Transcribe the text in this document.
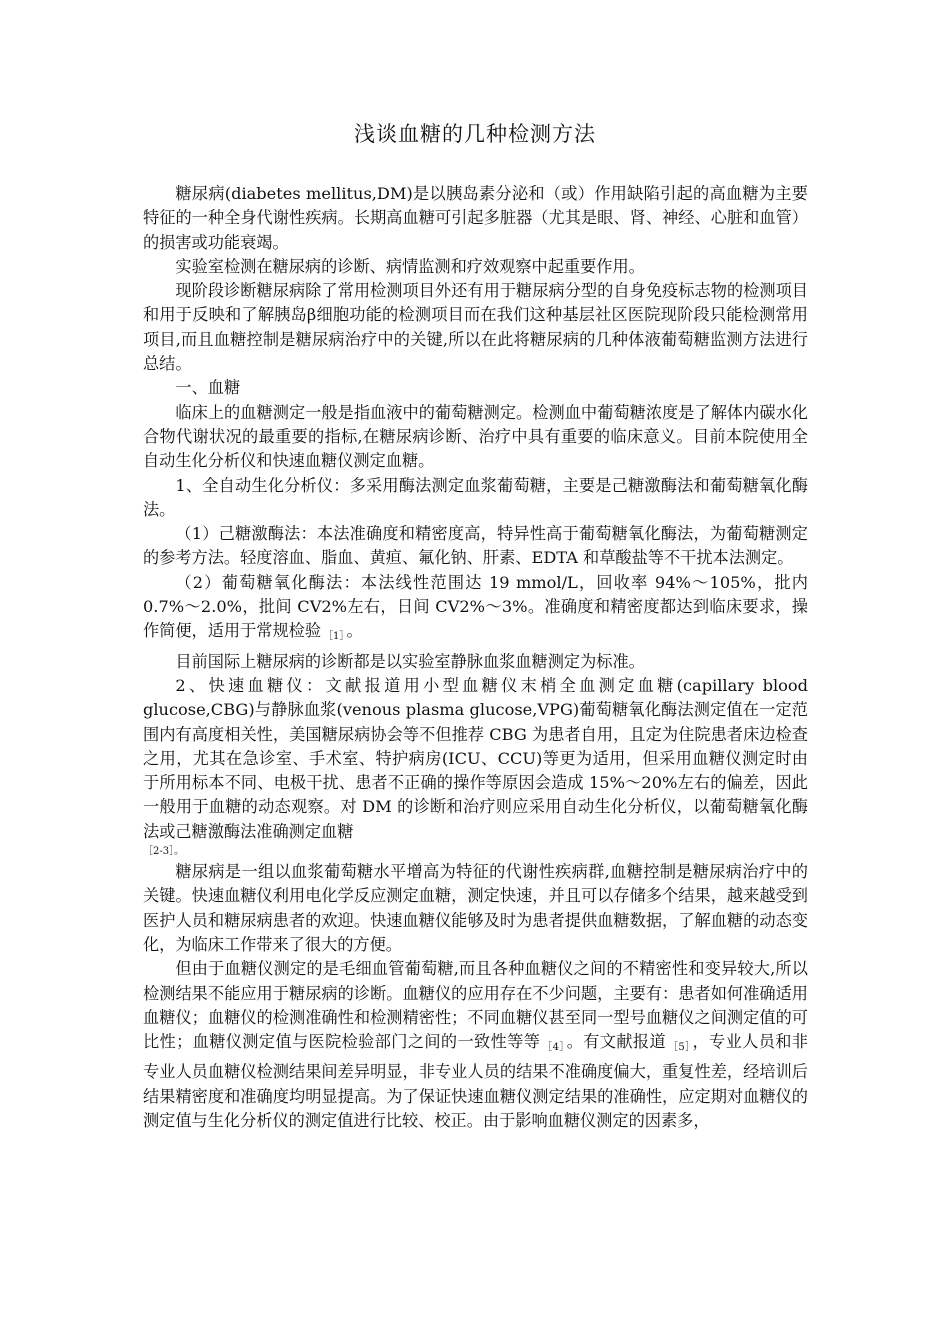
浅谈血糖的几种检测方法

糖尿病(diabetes mellitus,DM)是以胰岛素分泌和（或）作用缺陷引起的高血糖为主要特征的一种全身代谢性疾病。长期高血糖可引起多脏器（尤其是眼、肾、神经、心脏和血管）的损害或功能衰竭。

实验室检测在糖尿病的诊断、病情监测和疗效观察中起重要作用。

现阶段诊断糖尿病除了常用检测项目外还有用于糖尿病分型的自身免疫标志物的检测项目和用于反映和了解胰岛β细胞功能的检测项目而在我们这种基层社区医院现阶段只能检测常用项目,而且血糖控制是糖尿病治疗中的关键,所以在此将糖尿病的几种体液葡萄糖监测方法进行总结。

一、血糖

临床上的血糖测定一般是指血液中的葡萄糖测定。检测血中葡萄糖浓度是了解体内碳水化合物代谢状况的最重要的指标,在糖尿病诊断、治疗中具有重要的临床意义。目前本院使用全自动生化分析仪和快速血糖仪测定血糖。

1、全自动生化分析仪：多采用酶法测定血浆葡萄糖，主要是己糖激酶法和葡萄糖氧化酶法。

（1）己糖激酶法：本法准确度和精密度高，特异性高于葡萄糖氧化酶法，为葡萄糖测定的参考方法。轻度溶血、脂血、黄疸、氟化钠、肝素、EDTA 和草酸盐等不干扰本法测定。

（2）葡萄糖氧化酶法：本法线性范围达 19 mmol/L，回收率 94%～105%，批内 0.7%～2.0%，批间 CV2%左右，日间 CV2%～3%。准确度和精密度都达到临床要求，操作简便，适用于常规检验 $_{[1]}$ 。

目前国际上糖尿病的诊断都是以实验室静脉血浆血糖测定为标准。

2、快速血糖仪：文献报道用小型血糖仪末梢全血测定血糖(capillary blood glucose,CBG)与静脉血浆(venous plasma glucose,VPG)葡萄糖氧化酶法测定值在一定范围内有高度相关性，美国糖尿病协会等不但推荐 CBG 为患者自用，且定为住院患者床边检查之用，尤其在急诊室、手术室、特护病房(ICU、CCU)等更为适用，但采用血糖仪测定时由于所用标本不同、电极干扰、患者不正确的操作等原因会造成 15%～20%左右的偏差，因此一般用于血糖的动态观察。对 DM 的诊断和治疗则应采用自动生化分析仪，以葡萄糖氧化酶法或己糖激酶法准确测定血糖
［2-3］。

糖尿病是一组以血浆葡萄糖水平增高为特征的代谢性疾病群,血糖控制是糖尿病治疗中的关键。快速血糖仪利用电化学反应测定血糖，测定快速，并且可以存储多个结果，越来越受到医护人员和糖尿病患者的欢迎。快速血糖仪能够及时为患者提供血糖数据，了解血糖的动态变化，为临床工作带来了很大的方便。

但由于血糖仪测定的是毛细血管葡萄糖,而且各种血糖仪之间的不精密性和变异较大,所以检测结果不能应用于糖尿病的诊断。血糖仪的应用存在不少问题，主要有：患者如何准确适用血糖仪；血糖仪的检测准确性和检测精密性；不同血糖仪甚至同一型号血糖仪之间测定值的可比性；血糖仪测定值与医院检验部门之间的一致性等等 $_{[4]}$ 。有文献报道 $_{[5]}$ ，专业人员和非专业人员血糖仪检测结果间差异明显，非专业人员的结果不准确度偏大，重复性差，经培训后结果精密度和准确度均明显提高。为了保证快速血糖仪测定结果的准确性，应定期对血糖仪的测定值与生化分析仪的测定值进行比较、校正。由于影响血糖仪测定的因素多，
